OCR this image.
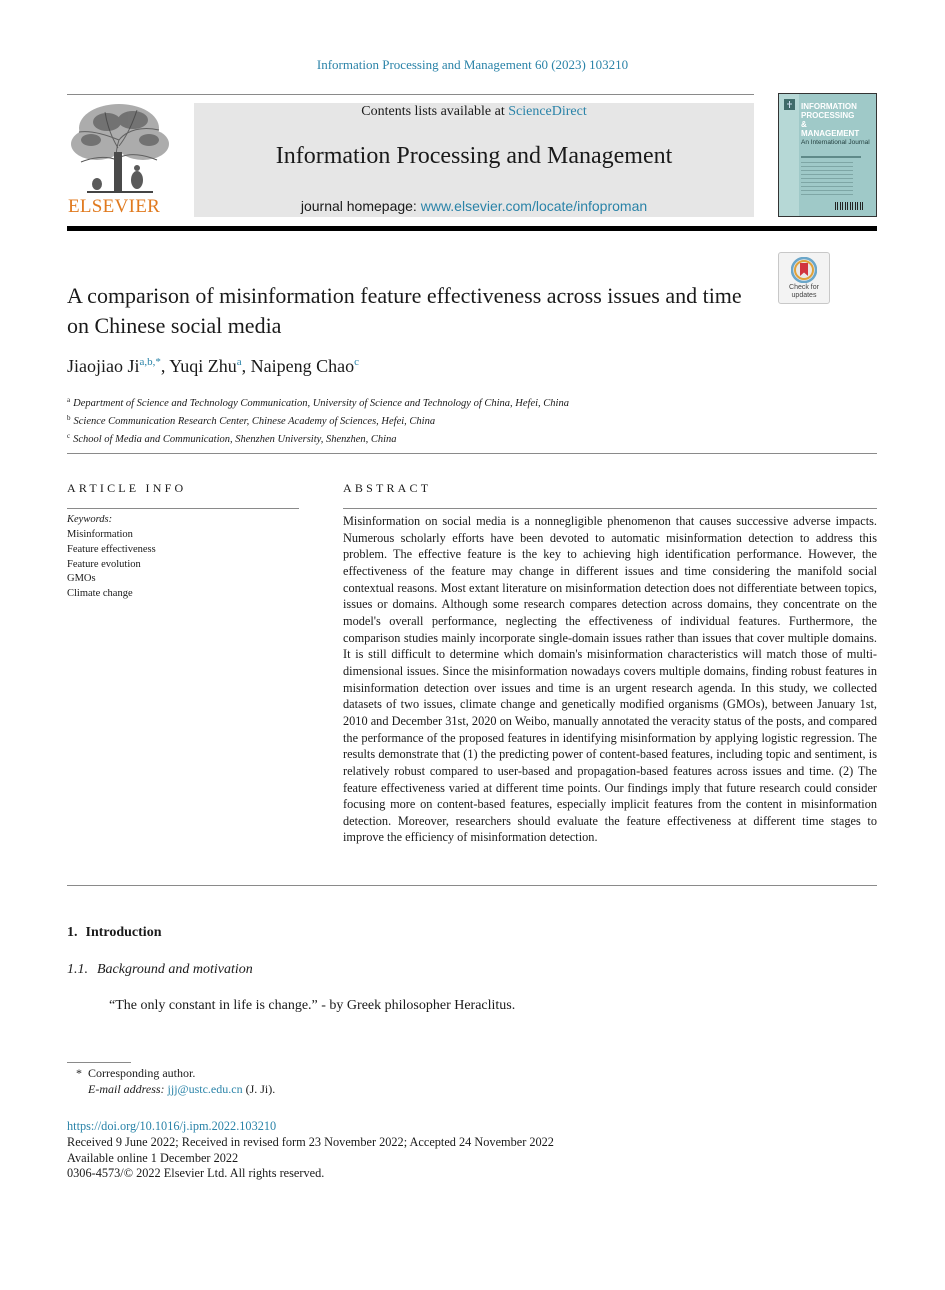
Information Processing and Management 60 (2023) 103210
ELSEVIER
Contents lists available at ScienceDirect
Information Processing and Management
journal homepage: www.elsevier.com/locate/infoproman
INFORMATION
PROCESSING
&
MANAGEMENT
An International Journal
Check for
updates
A comparison of misinformation feature effectiveness across issues and time on Chinese social media
Jiaojiao $Ji^{a,b,*}$, Yuqi Zhu$^a$, Naipeng Chao$^c$
$^a$ Department of Science and Technology Communication, University of Science and Technology of China, Hefei, China
$^b$ Science Communication Research Center, Chinese Academy of Sciences, Hefei, China
$^c$ School of Media and Communication, Shenzhen University, Shenzhen, China
ARTICLE INFO
Keywords:
Misinformation
Feature effectiveness
Feature evolution
GMOs
Climate change
ABSTRACT
Misinformation on social media is a nonnegligible phenomenon that causes successive adverse impacts. Numerous scholarly efforts have been devoted to automatic misinformation detection to address this problem. The effective feature is the key to achieving high identification performance. However, the effectiveness of the feature may change in different issues and time considering the manifold social contextual reasons. Most extant literature on misinformation detection does not differentiate between topics, issues or domains. Although some research compares detection across domains, they concentrate on the model's overall performance, neglecting the effectiveness of individual features. Furthermore, the comparison studies mainly incorporate single-domain issues rather than issues that cover multiple domains. It is still difficult to determine which domain's misinformation characteristics will match those of multi-dimensional issues. Since the misinformation nowadays covers multiple domains, finding robust features in misinformation detection over issues and time is an urgent research agenda. In this study, we collected datasets of two issues, climate change and genetically modified organisms (GMOs), between January 1st, 2010 and December 31st, 2020 on Weibo, manually annotated the veracity status of the posts, and compared the performance of the proposed features in identifying misinformation by applying logistic regression. The results demonstrate that (1) the predicting power of content-based features, including topic and sentiment, is relatively robust compared to user-based and propagation-based features across issues and time. (2) The feature effectiveness varied at different time points. Our findings imply that future research could consider focusing more on content-based features, especially implicit features from the content in misinformation detection. Moreover, researchers should evaluate the feature effectiveness at different time stages to improve the efficiency of misinformation detection.
1. Introduction
1.1. Background and motivation
“The only constant in life is change.” - by Greek philosopher Heraclitus.
* Corresponding author.
E-mail address: jjj@ustc.edu.cn (J. Ji).
https://doi.org/10.1016/j.ipm.2022.103210
Received 9 June 2022; Received in revised form 23 November 2022; Accepted 24 November 2022
Available online 1 December 2022
0306-4573/© 2022 Elsevier Ltd. All rights reserved.
